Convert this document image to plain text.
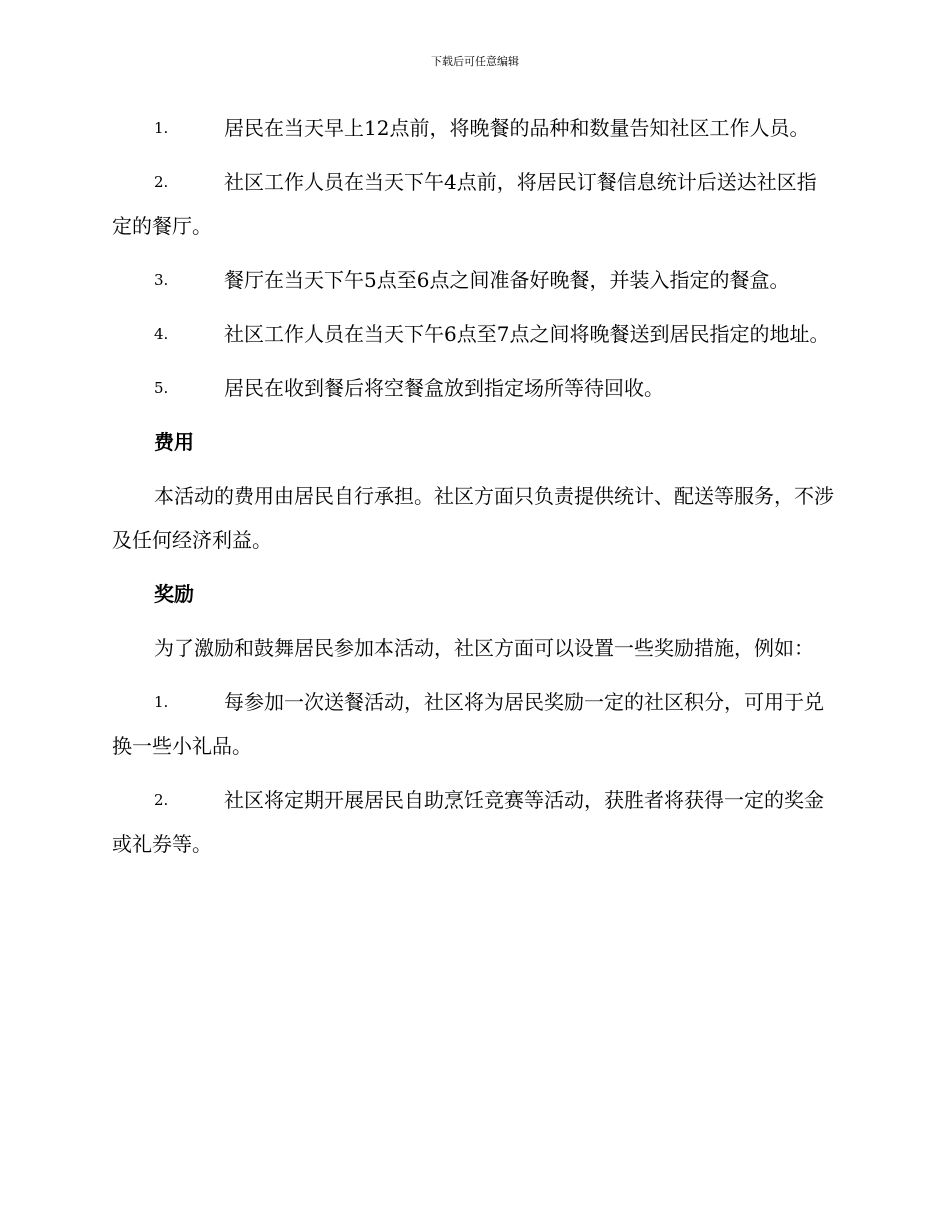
下载后可任意编辑
1.	居民在当天早上12点前，将晚餐的品种和数量告知社区工作人员。
2.	社区工作人员在当天下午4点前，将居民订餐信息统计后送达社区指定的餐厅。
3.	餐厅在当天下午5点至6点之间准备好晚餐，并装入指定的餐盒。
4.	社区工作人员在当天下午6点至7点之间将晚餐送到居民指定的地址。
5.	居民在收到餐后将空餐盒放到指定场所等待回收。
费用
本活动的费用由居民自行承担。社区方面只负责提供统计、配送等服务，不涉及任何经济利益。
奖励
为了激励和鼓舞居民参加本活动，社区方面可以设置一些奖励措施，例如：
1.	每参加一次送餐活动，社区将为居民奖励一定的社区积分，可用于兑换一些小礼品。
2.	社区将定期开展居民自助烹饪竞赛等活动，获胜者将获得一定的奖金或礼券等。
